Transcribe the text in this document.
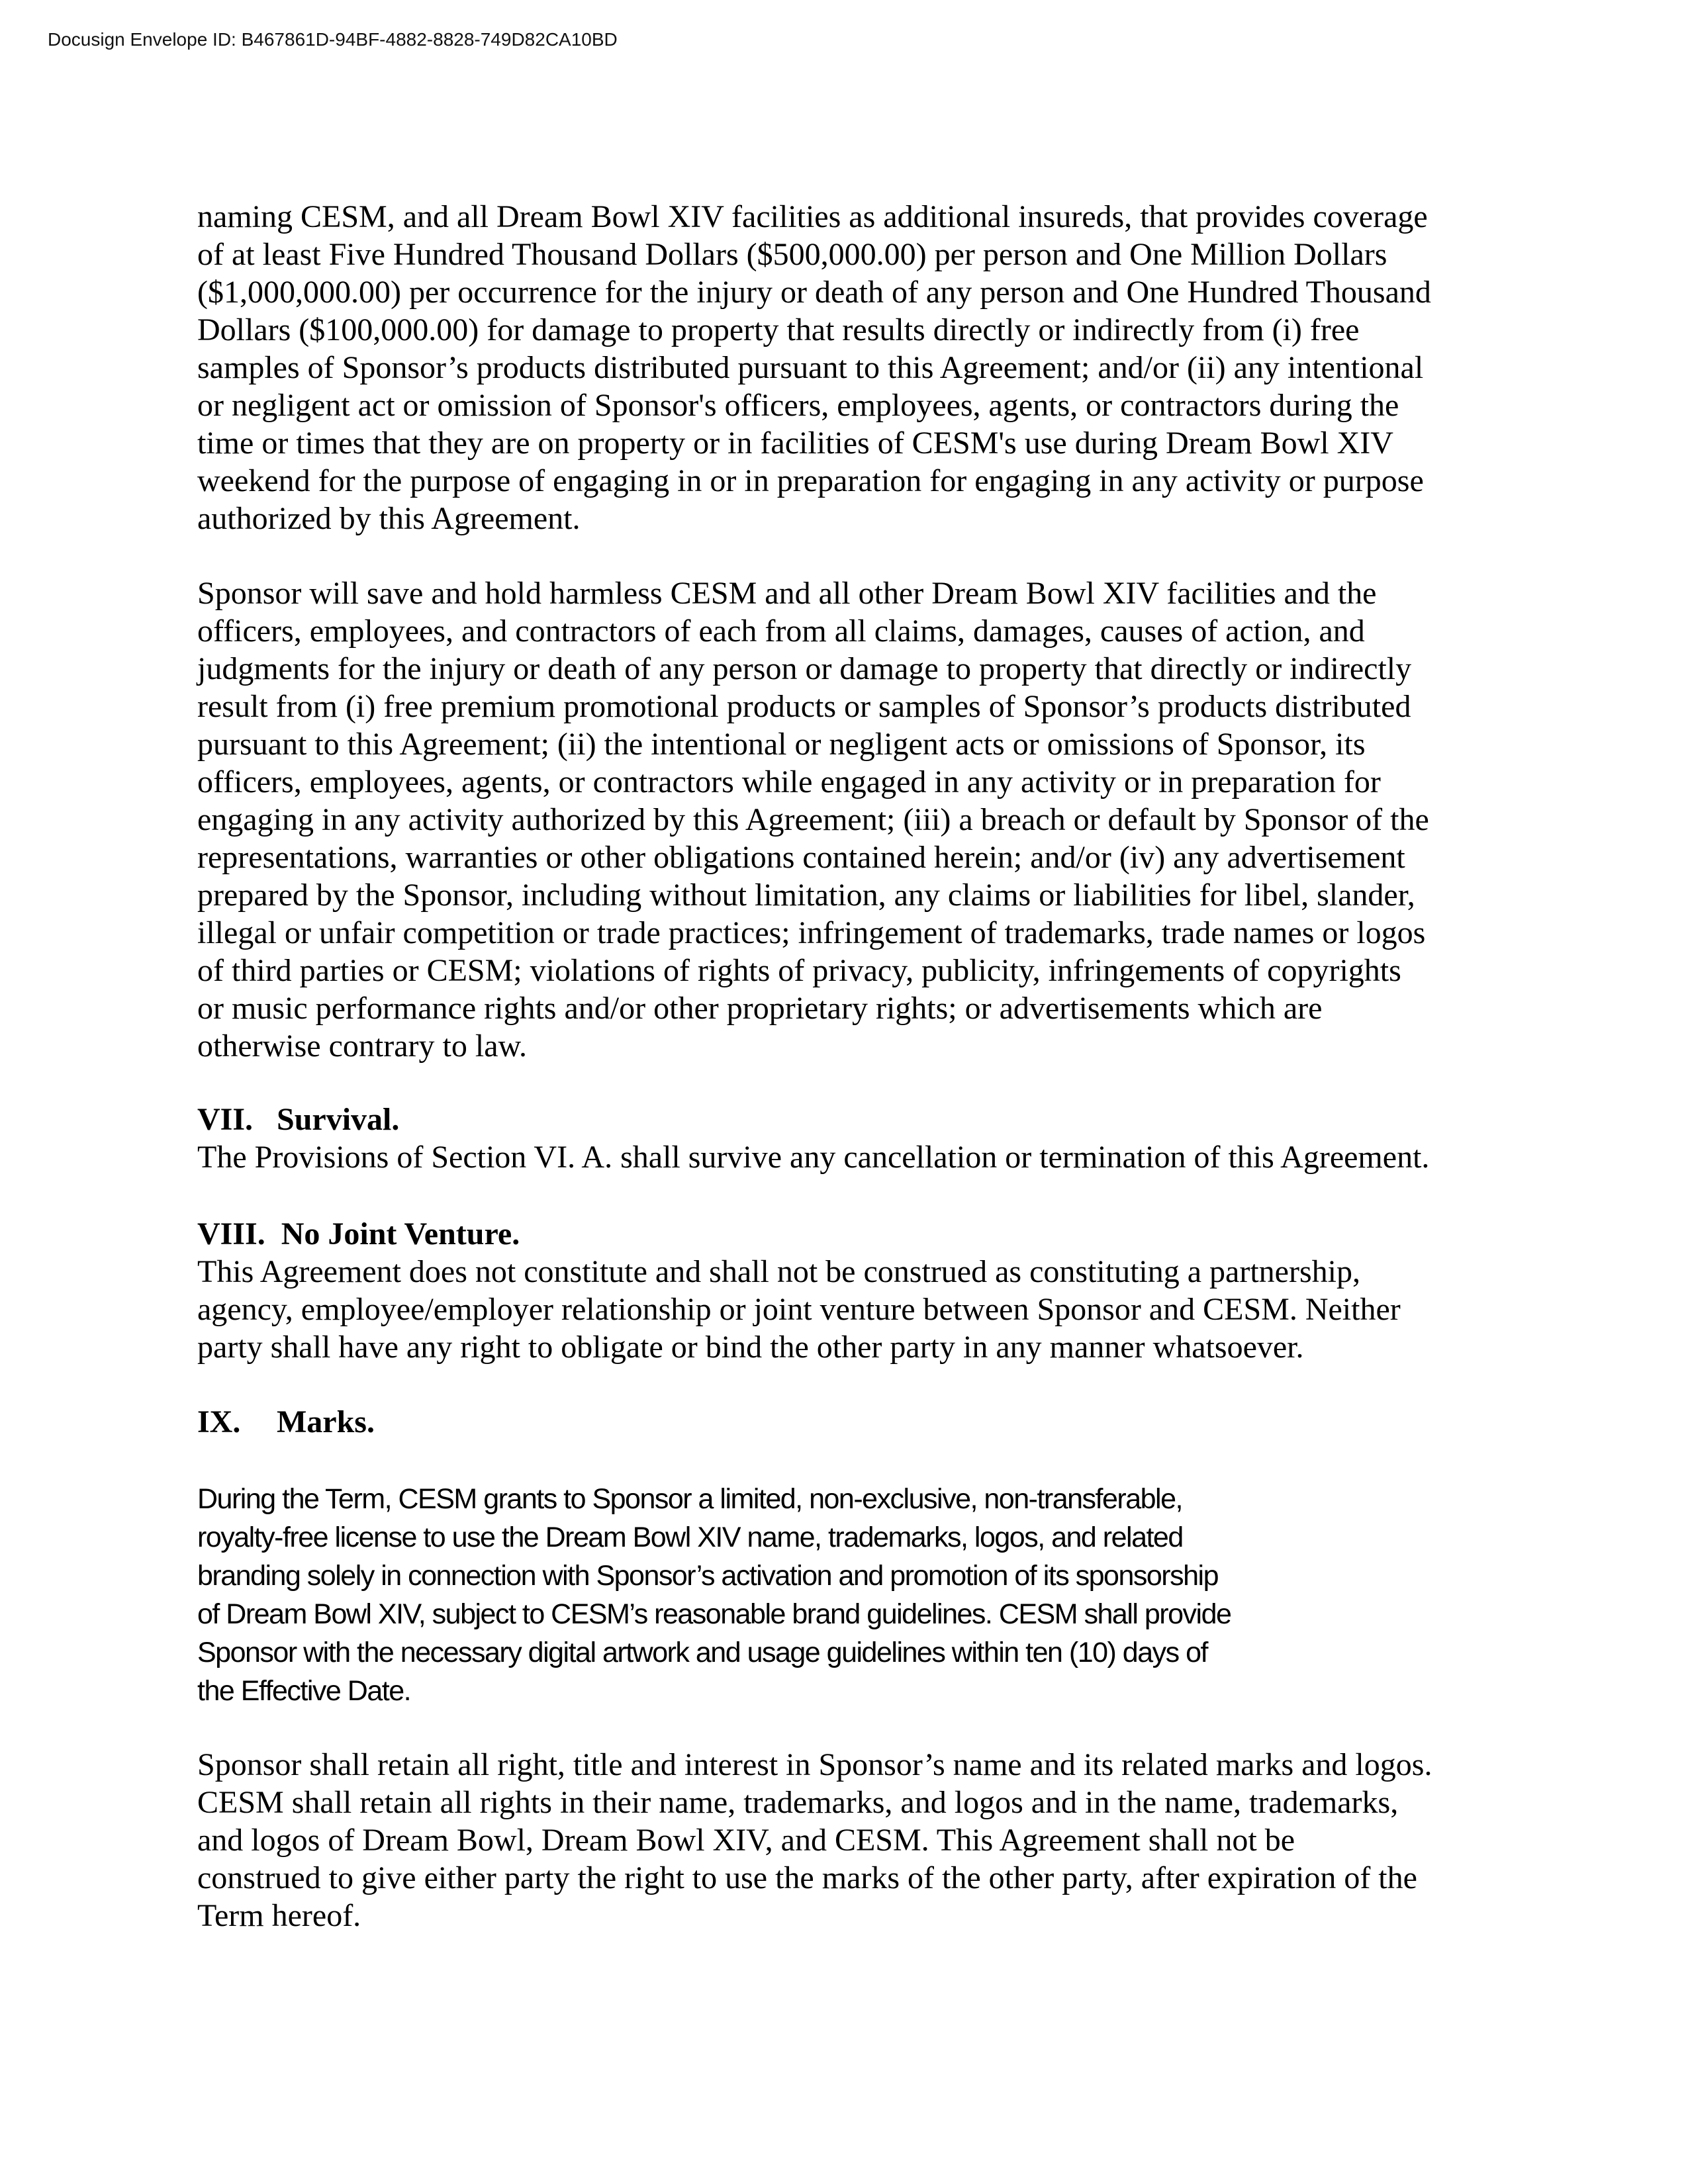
Docusign Envelope ID: B467861D-94BF-4882-8828-749D82CA10BD
naming CESM, and all Dream Bowl XIV facilities as additional insureds, that provides coverage
of at least Five Hundred Thousand Dollars ($500,000.00) per person and One Million Dollars
($1,000,000.00) per occurrence for the injury or death of any person and One Hundred Thousand
Dollars ($100,000.00) for damage to property that results directly or indirectly from (i) free
samples of Sponsor’s products distributed pursuant to this Agreement; and/or (ii) any intentional
or negligent act or omission of Sponsor's officers, employees, agents, or contractors during the
time or times that they are on property or in facilities of CESM's use during Dream Bowl XIV
weekend for the purpose of engaging in or in preparation for engaging in any activity or purpose
authorized by this Agreement.
Sponsor will save and hold harmless CESM and all other Dream Bowl XIV facilities and the
officers, employees, and contractors of each from all claims, damages, causes of action, and
judgments for the injury or death of any person or damage to property that directly or indirectly
result from (i) free premium promotional products or samples of Sponsor’s products distributed
pursuant to this Agreement; (ii) the intentional or negligent acts or omissions of Sponsor, its
officers, employees, agents, or contractors while engaged in any activity or in preparation for
engaging in any activity authorized by this Agreement; (iii) a breach or default by Sponsor of the
representations, warranties or other obligations contained herein; and/or (iv) any advertisement
prepared by the Sponsor, including without limitation, any claims or liabilities for libel, slander,
illegal or unfair competition or trade practices; infringement of trademarks, trade names or logos
of third parties or CESM; violations of rights of privacy, publicity, infringements of copyrights
or music performance rights and/or other proprietary rights; or advertisements which are
otherwise contrary to law.
VII. Survival.
The Provisions of Section VI. A. shall survive any cancellation or termination of this Agreement.
VIII. No Joint Venture.
This Agreement does not constitute and shall not be construed as constituting a partnership,
agency, employee/employer relationship or joint venture between Sponsor and CESM. Neither
party shall have any right to obligate or bind the other party in any manner whatsoever.
IX. Marks.
During the Term, CESM grants to Sponsor a limited, non-exclusive, non-transferable,
royalty-free license to use the Dream Bowl XIV name, trademarks, logos, and related
branding solely in connection with Sponsor’s activation and promotion of its sponsorship
of Dream Bowl XIV, subject to CESM’s reasonable brand guidelines. CESM shall provide
Sponsor with the necessary digital artwork and usage guidelines within ten (10) days of
the Effective Date.
Sponsor shall retain all right, title and interest in Sponsor’s name and its related marks and logos.
CESM shall retain all rights in their name, trademarks, and logos and in the name, trademarks,
and logos of Dream Bowl, Dream Bowl XIV, and CESM. This Agreement shall not be
construed to give either party the right to use the marks of the other party, after expiration of the
Term hereof.
